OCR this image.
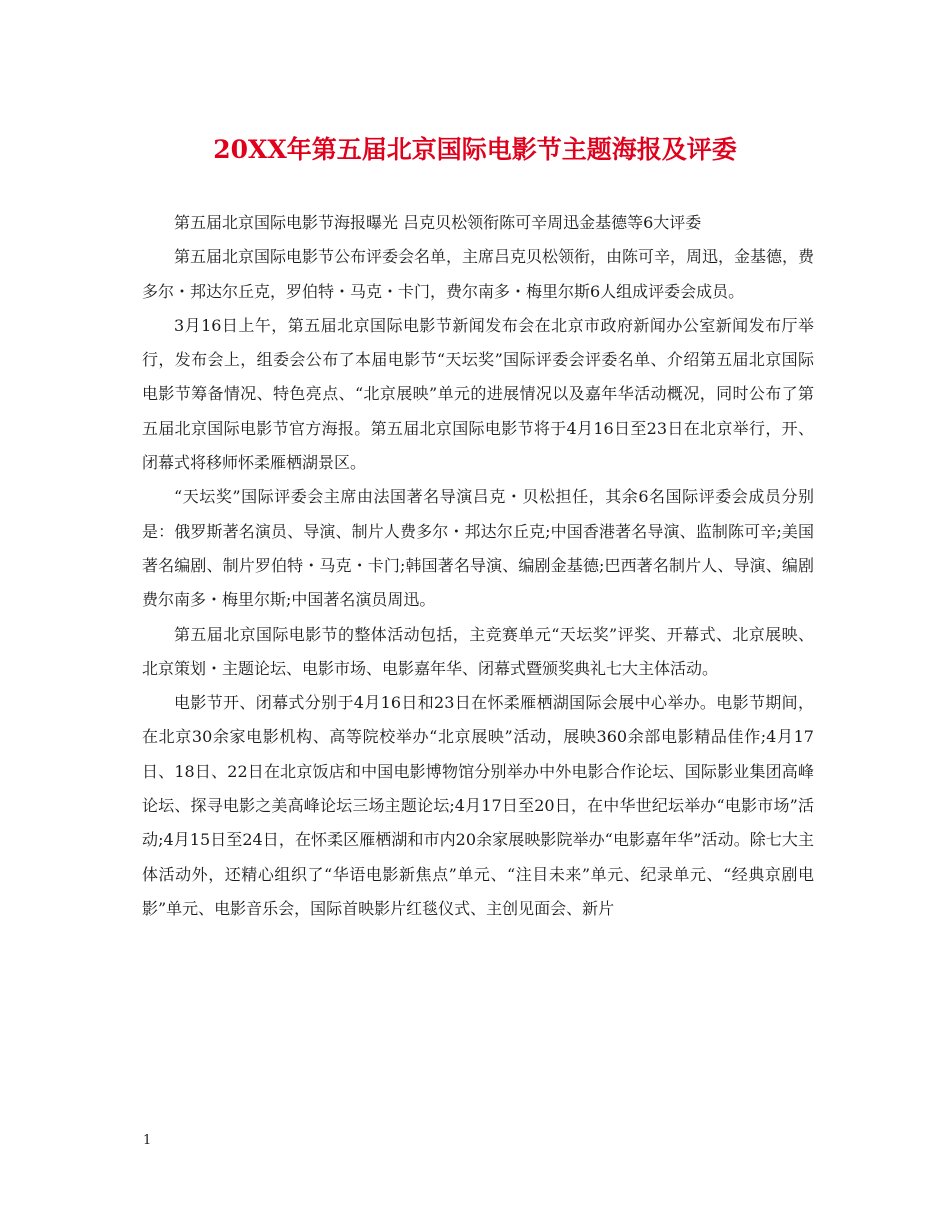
20XX年第五届北京国际电影节主题海报及评委

第五届北京国际电影节海报曝光 吕克贝松领衔陈可辛周迅金基德等6大评委

第五届北京国际电影节公布评委会名单，主席吕克贝松领衔，由陈可辛，周迅，金基德，费多尔・邦达尔丘克，罗伯特・马克・卡门，费尔南多・梅里尔斯6人组成评委会成员。

3月16日上午，第五届北京国际电影节新闻发布会在北京市政府新闻办公室新闻发布厅举行，发布会上，组委会公布了本届电影节“天坛奖”国际评委会评委名单、介绍第五届北京国际电影节筹备情况、特色亮点、“北京展映”单元的进展情况以及嘉年华活动概况，同时公布了第五届北京国际电影节官方海报。第五届北京国际电影节将于4月16日至23日在北京举行，开、闭幕式将移师怀柔雁栖湖景区。

“天坛奖”国际评委会主席由法国著名导演吕克・贝松担任，其余6名国际评委会成员分别是：俄罗斯著名演员、导演、制片人费多尔・邦达尔丘克;中国香港著名导演、监制陈可辛;美国著名编剧、制片罗伯特・马克・卡门;韩国著名导演、编剧金基德;巴西著名制片人、导演、编剧费尔南多・梅里尔斯;中国著名演员周迅。

第五届北京国际电影节的整体活动包括，主竞赛单元“天坛奖”评奖、开幕式、北京展映、北京策划・主题论坛、电影市场、电影嘉年华、闭幕式暨颁奖典礼七大主体活动。

电影节开、闭幕式分别于4月16日和23日在怀柔雁栖湖国际会展中心举办。电影节期间，在北京30余家电影机构、高等院校举办“北京展映”活动，展映360余部电影精品佳作;4月17日、18日、22日在北京饭店和中国电影博物馆分别举办中外电影合作论坛、国际影业集团高峰论坛、探寻电影之美高峰论坛三场主题论坛;4月17日至20日，在中华世纪坛举办“电影市场”活动;4月15日至24日，在怀柔区雁栖湖和市内20余家展映影院举办“电影嘉年华”活动。除七大主体活动外，还精心组织了“华语电影新焦点”单元、“注目未来”单元、纪录单元、“经典京剧电影”单元、电影音乐会，国际首映影片红毯仪式、主创见面会、新片

1
